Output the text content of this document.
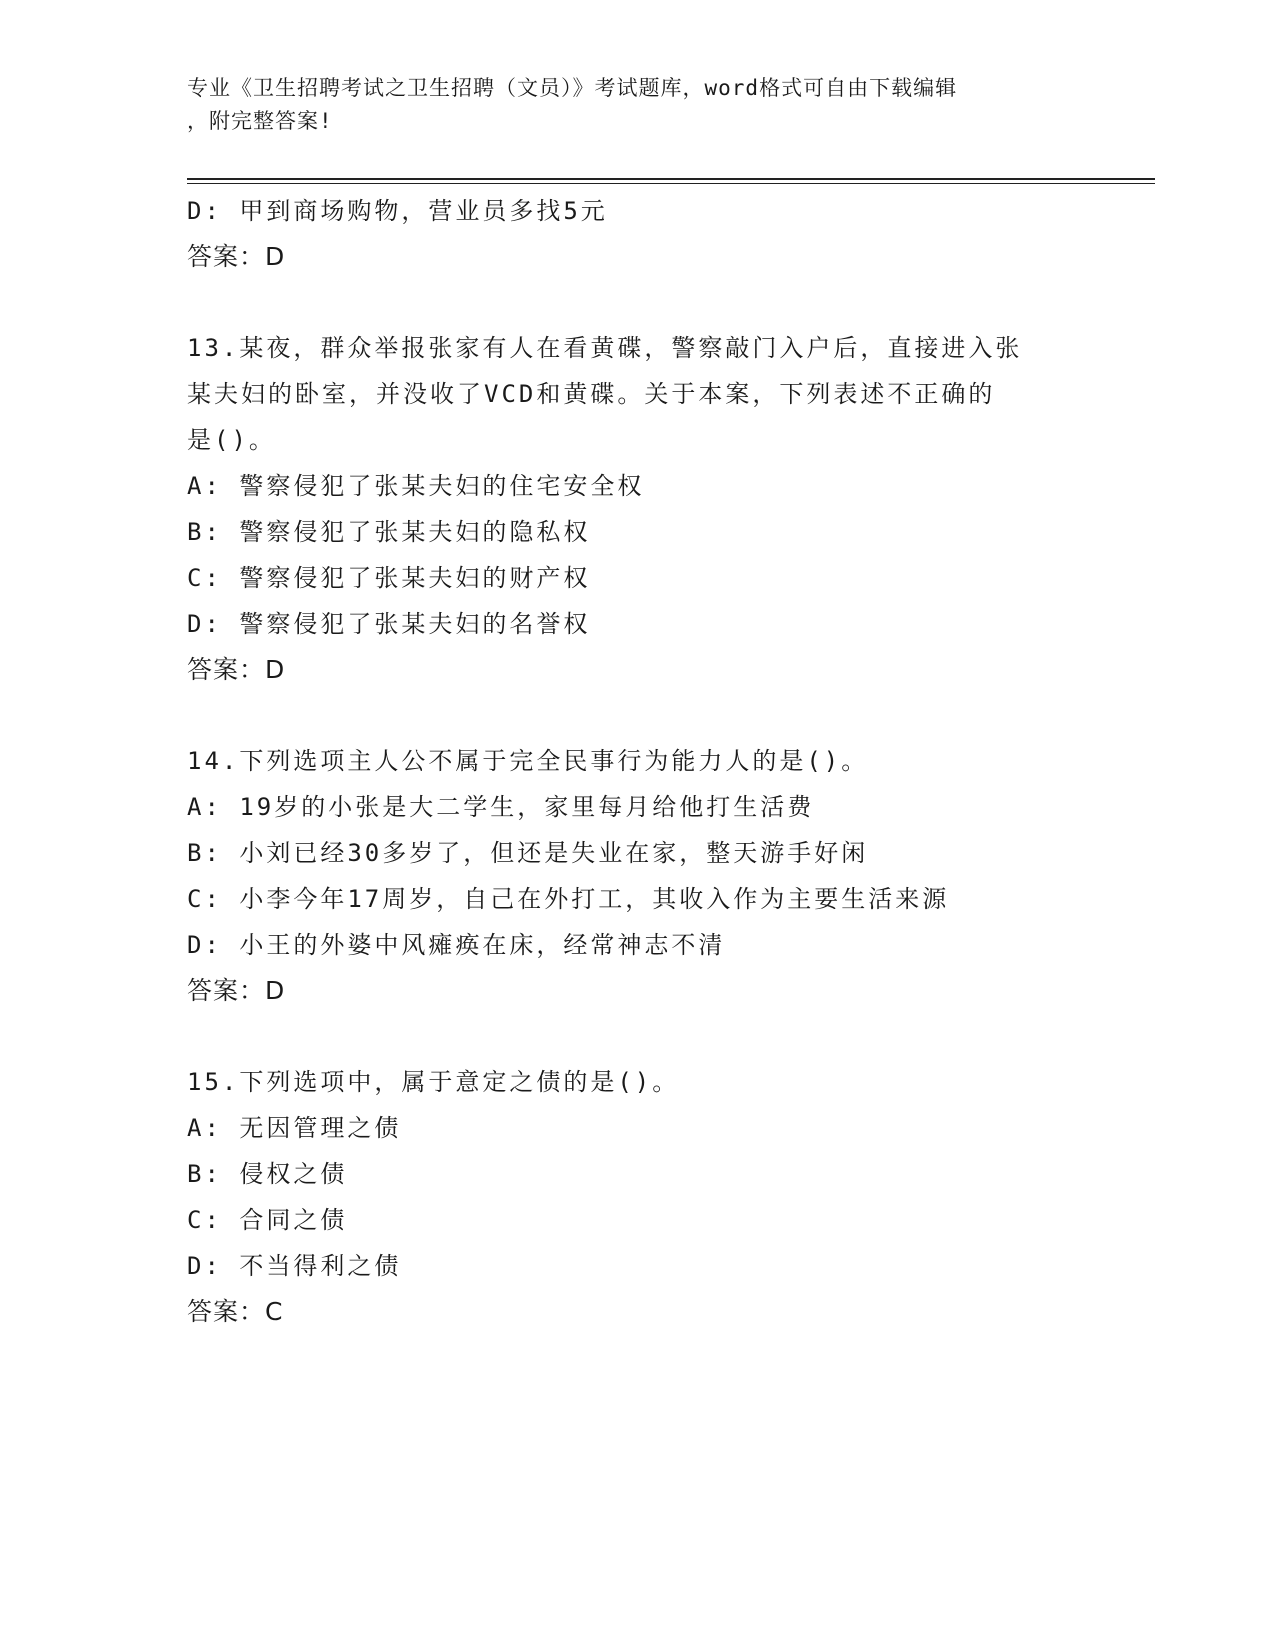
专业《卫生招聘考试之卫生招聘（文员）》考试题库，word格式可自由下载编辑
，附完整答案!
D: 甲到商场购物，营业员多找5元
答案：D
13.某夜，群众举报张家有人在看黄碟，警察敲门入户后，直接进入张
某夫妇的卧室，并没收了VCD和黄碟。关于本案，下列表述不正确的
是()。
A: 警察侵犯了张某夫妇的住宅安全权
B: 警察侵犯了张某夫妇的隐私权
C: 警察侵犯了张某夫妇的财产权
D: 警察侵犯了张某夫妇的名誉权
答案：D
14.下列选项主人公不属于完全民事行为能力人的是()。
A: 19岁的小张是大二学生，家里每月给他打生活费
B: 小刘已经30多岁了，但还是失业在家，整天游手好闲
C: 小李今年17周岁，自己在外打工，其收入作为主要生活来源
D: 小王的外婆中风瘫痪在床，经常神志不清
答案：D
15.下列选项中，属于意定之债的是()。
A: 无因管理之债
B: 侵权之债
C: 合同之债
D: 不当得利之债
答案：C
